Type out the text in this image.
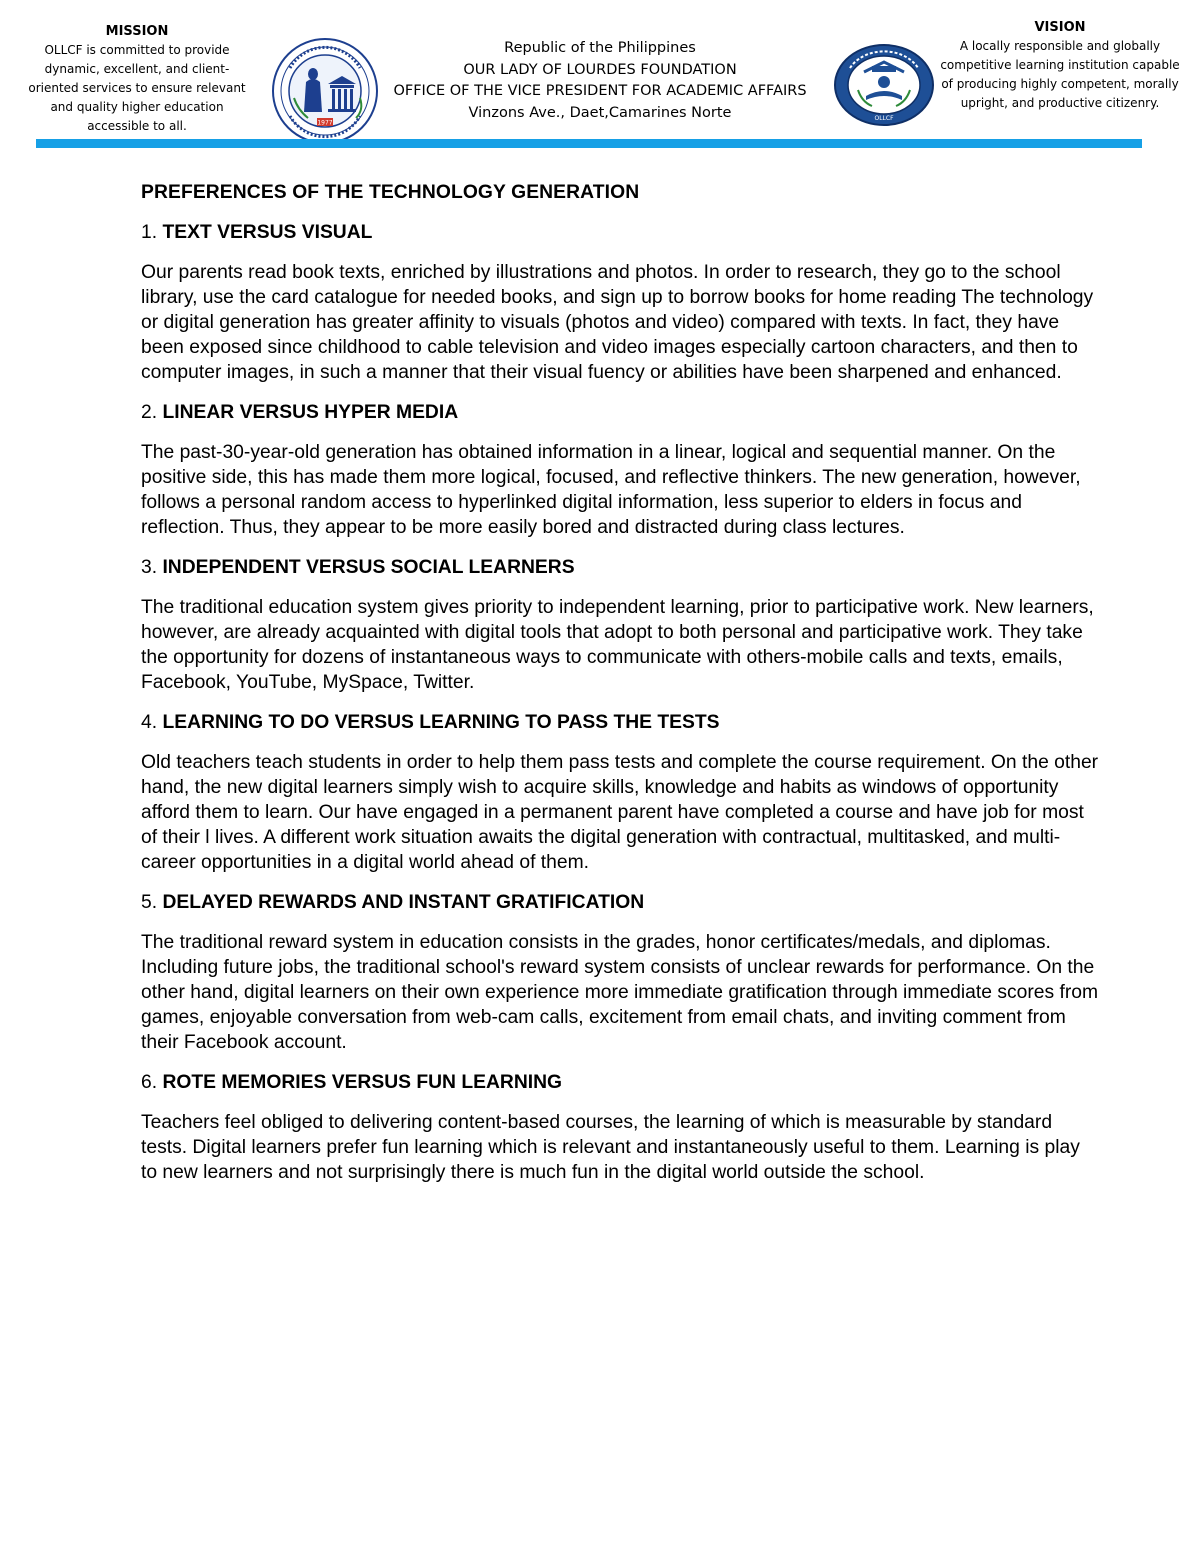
MISSION
OLLCF is committed to provide
dynamic, excellent, and client-
oriented services to ensure relevant
and quality higher education
accessible to all.	1977
Republic of the Philippines
OUR LADY OF LOURDES FOUNDATION
OFFICE OF THE VICE PRESIDENT FOR ACADEMIC AFFAIRS
Vinzons Ave., Daet,Camarines Norte	OLLCF
VISION
A locally responsible and globally
competitive learning institution capable
of producing highly competent, morally
upright, and productive citizenry.
PREFERENCES OF THE TECHNOLOGY GENERATION

1. TEXT VERSUS VISUAL

Our parents read book texts, enriched by illustrations and photos. In order to research, they go to the school library, use the card catalogue for needed books, and sign up to borrow books for home reading The technology or digital generation has greater affinity to visuals (photos and video) compared with texts. In fact, they have been exposed since childhood to cable television and video images especially cartoon characters, and then to computer images, in such a manner that their visual fuency or abilities have been sharpened and enhanced.

2. LINEAR VERSUS HYPER MEDIA

The past-30-year-old generation has obtained information in a linear, logical and sequential manner. On the positive side, this has made them more logical, focused, and reflective thinkers. The new generation, however, follows a personal random access to hyperlinked digital information, less superior to elders in focus and reflection. Thus, they appear to be more easily bored and distracted during class lectures.

3. INDEPENDENT VERSUS SOCIAL LEARNERS

The traditional education system gives priority to independent learning, prior to participative work. New learners, however, are already acquainted with digital tools that adopt to both personal and participative work. They take the opportunity for dozens of instantaneous ways to communicate with others-mobile calls and texts, emails, Facebook, YouTube, MySpace, Twitter.

4. LEARNING TO DO VERSUS LEARNING TO PASS THE TESTS

Old teachers teach students in order to help them pass tests and complete the course requirement. On the other hand, the new digital learners simply wish to acquire skills, knowledge and habits as windows of opportunity afford them to learn. Our have engaged in a permanent parent have completed a course and have job for most of their l lives. A different work situation awaits the digital generation with contractual, multitasked, and multi-career opportunities in a digital world ahead of them.

5. DELAYED REWARDS AND INSTANT GRATIFICATION

The traditional reward system in education consists in the grades, honor certificates/medals, and diplomas. Including future jobs, the traditional school's reward system consists of unclear rewards for performance. On the other hand, digital learners on their own experience more immediate gratification through immediate scores from games, enjoyable conversation from web-cam calls, excitement from email chats, and inviting comment from their Facebook account.

6. ROTE MEMORIES VERSUS FUN LEARNING

Teachers feel obliged to delivering content-based courses, the learning of which is measurable by standard tests. Digital learners prefer fun learning which is relevant and instantaneously useful to them. Learning is play to new learners and not surprisingly there is much fun in the digital world outside the school.
